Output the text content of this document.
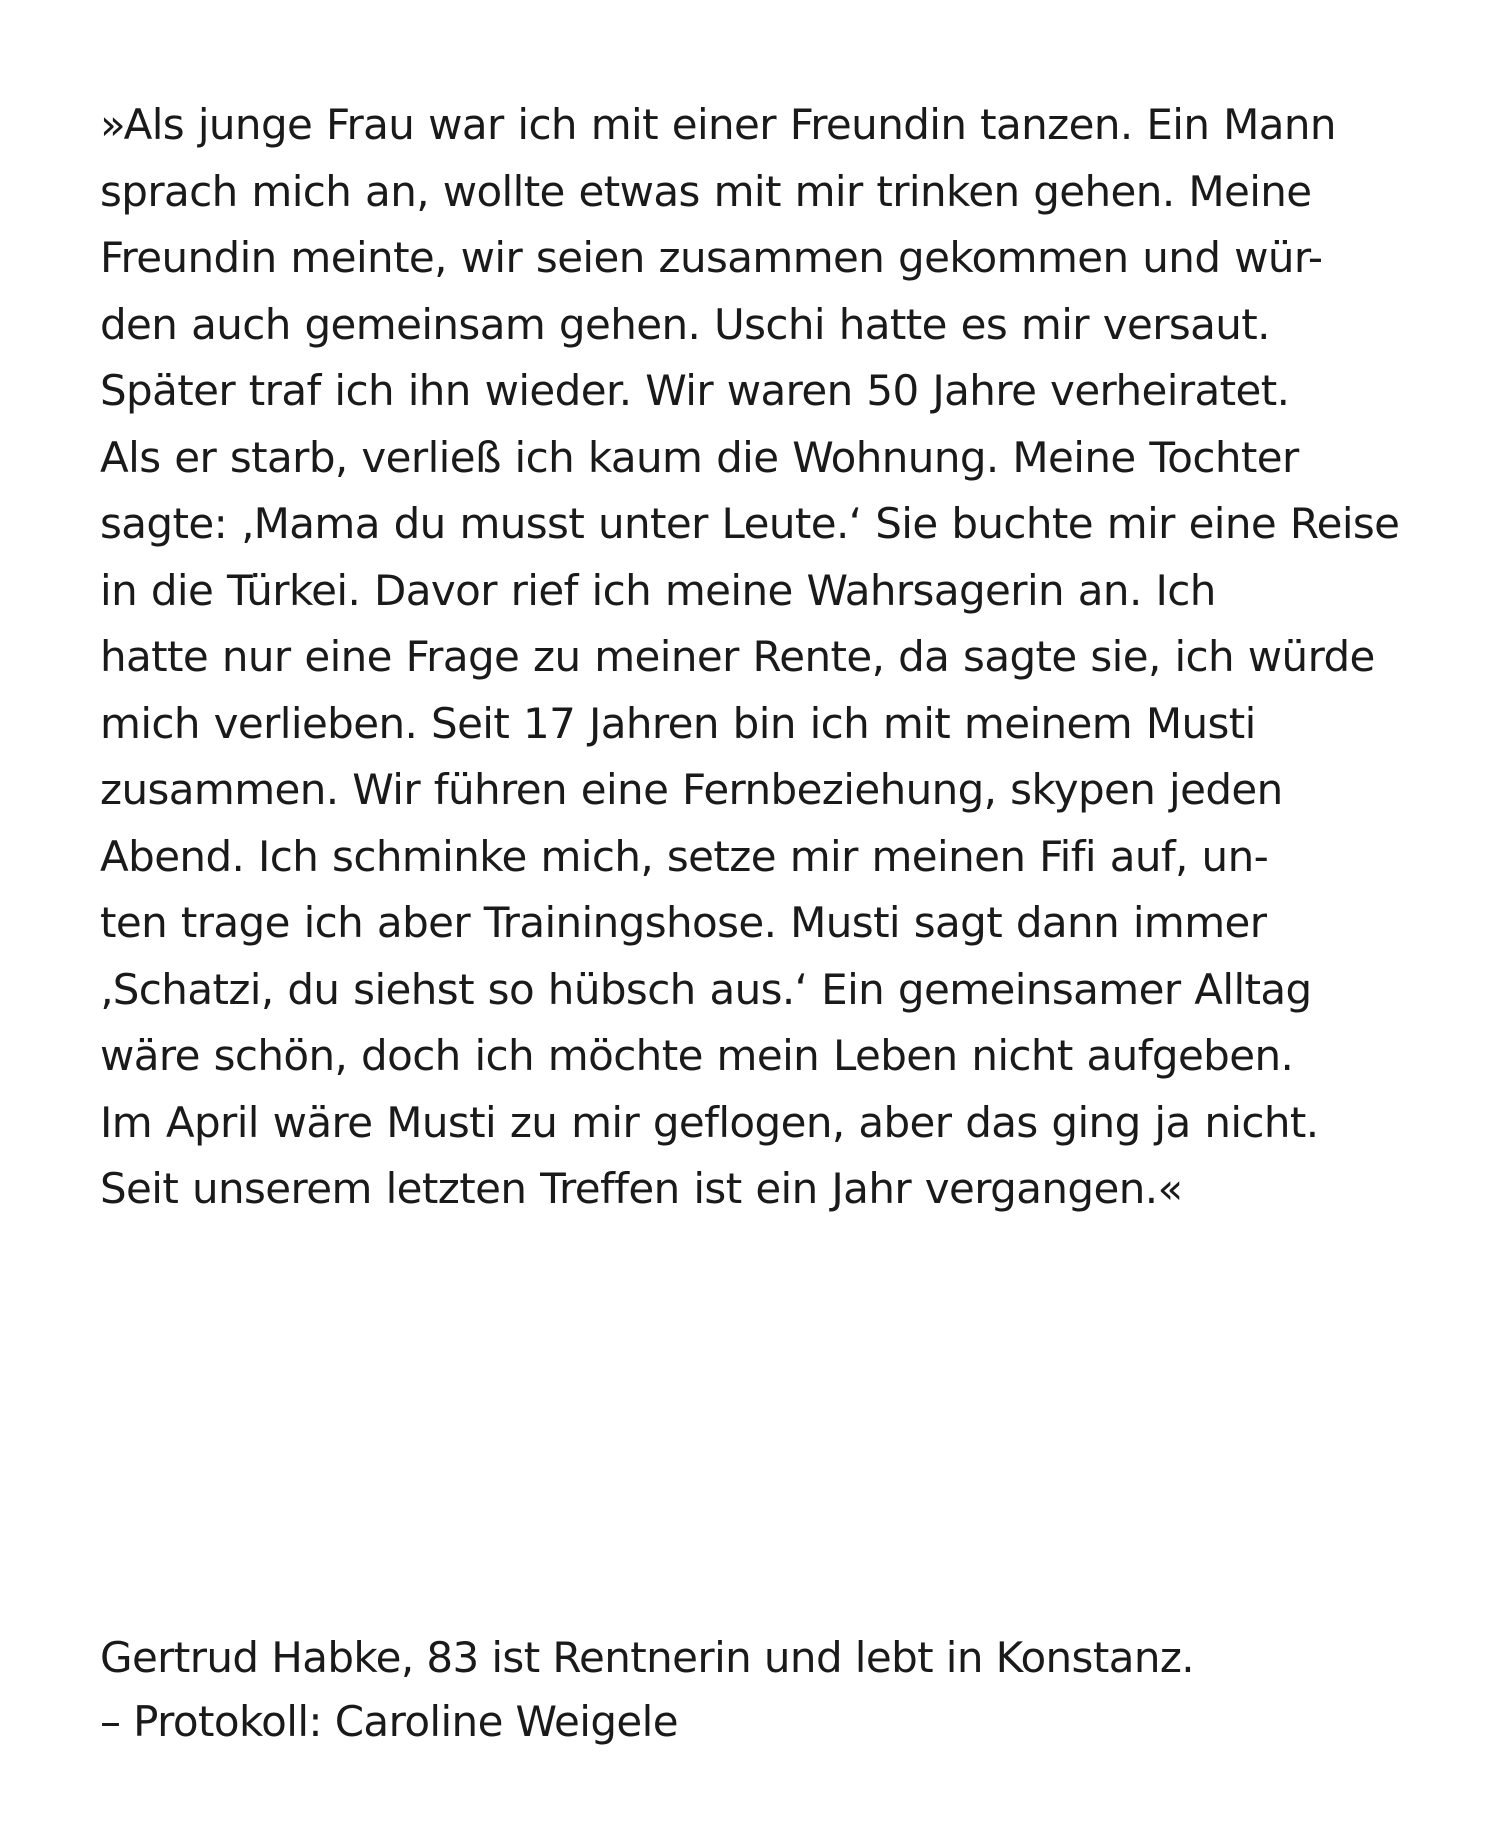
»Als junge Frau war ich mit einer Freundin tanzen. Ein Mann
sprach mich an, wollte etwas mit mir trinken gehen. Meine
Freundin meinte, wir seien zusammen gekommen und wür-
den auch gemeinsam gehen. Uschi hatte es mir versaut.
Später traf ich ihn wieder. Wir waren 50 Jahre verheiratet.
Als er starb, verließ ich kaum die Wohnung. Meine Tochter
sagte: ‚Mama du musst unter Leute.‘ Sie buchte mir eine Reise
in die Türkei. Davor rief ich meine Wahrsagerin an. Ich
hatte nur eine Frage zu meiner Rente, da sagte sie, ich würde
mich verlieben. Seit 17 Jahren bin ich mit meinem Musti
zusammen. Wir führen eine Fernbeziehung, skypen jeden
Abend. Ich schminke mich, setze mir meinen Fifi auf, un-
ten trage ich aber Trainingshose. Musti sagt dann immer
‚Schatzi, du siehst so hübsch aus.‘ Ein gemeinsamer Alltag
wäre schön, doch ich möchte mein Leben nicht aufgeben.
Im April wäre Musti zu mir geflogen, aber das ging ja nicht.
Seit unserem letzten Treffen ist ein Jahr vergangen.«

Gertrud Habke, 83 ist Rentnerin und lebt in Konstanz.
– Protokoll: Caroline Weigele
